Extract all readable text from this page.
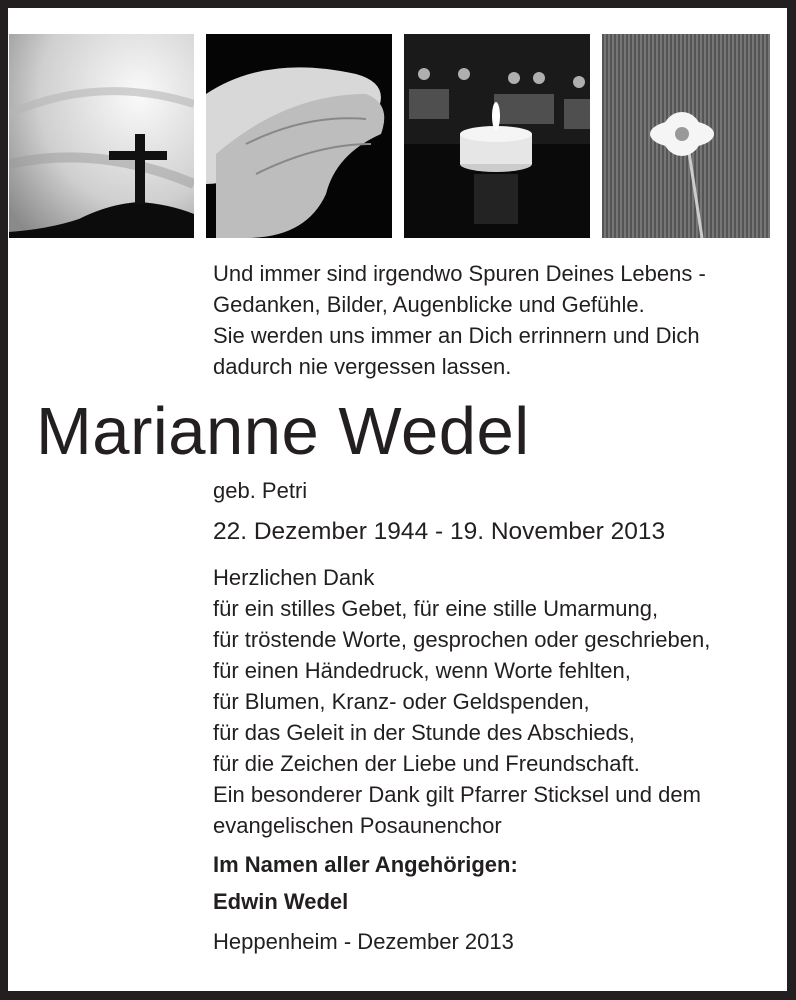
Und immer sind irgendwo Spuren Deines Lebens -
Gedanken, Bilder, Augenblicke und Gefühle.
Sie werden uns immer an Dich errinnern und Dich
dadurch nie vergessen lassen.
Marianne Wedel
geb. Petri
22. Dezember 1944 - 19. November 2013
Herzlichen Dank
für ein stilles Gebet, für eine stille Umarmung,
für tröstende Worte, gesprochen oder geschrieben,
für einen Händedruck, wenn Worte fehlten,
für Blumen, Kranz- oder Geldspenden,
für das Geleit in der Stunde des Abschieds,
für die Zeichen der Liebe und Freundschaft.
Ein besonderer Dank gilt Pfarrer Sticksel und dem
evangelischen Posaunenchor
Im Namen aller Angehörigen:
Edwin Wedel
Heppenheim - Dezember 2013
